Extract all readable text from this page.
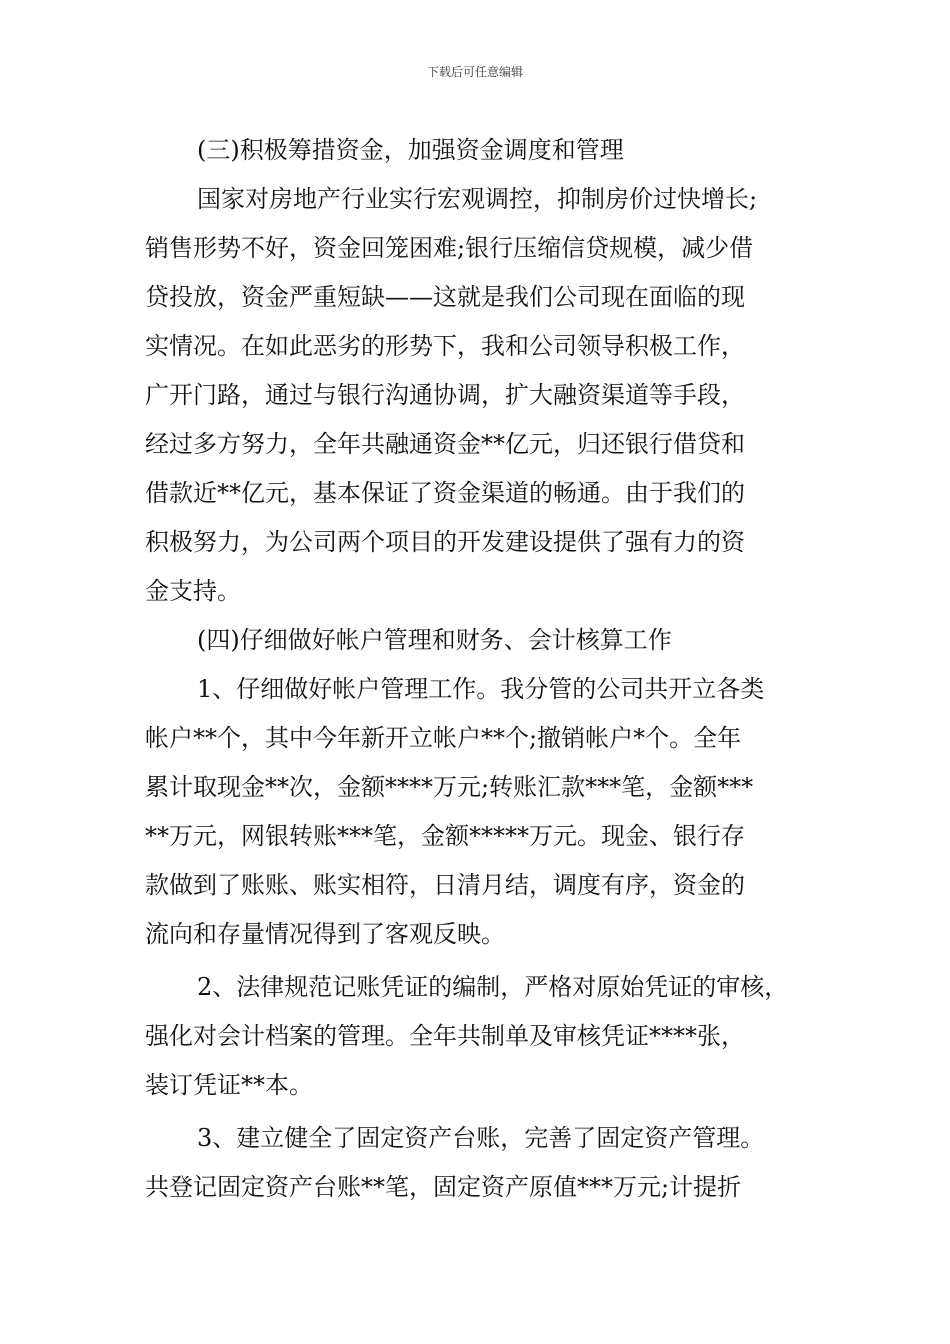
下载后可任意编辑
(三)积极筹措资金，加强资金调度和管理
国家对房地产行业实行宏观调控，抑制房价过快增长;
销售形势不好，资金回笼困难;银行压缩信贷规模，减少借
贷投放，资金严重短缺——这就是我们公司现在面临的现
实情况。在如此恶劣的形势下，我和公司领导积极工作，
广开门路，通过与银行沟通协调，扩大融资渠道等手段，
经过多方努力，全年共融通资金**亿元，归还银行借贷和
借款近**亿元，基本保证了资金渠道的畅通。由于我们的
积极努力，为公司两个项目的开发建设提供了强有力的资
金支持。
(四)仔细做好帐户管理和财务、会计核算工作
1、仔细做好帐户管理工作。我分管的公司共开立各类
帐户**个，其中今年新开立帐户**个;撤销帐户*个。全年
累计取现金**次，金额****万元;转账汇款***笔，金额***
**万元，网银转账***笔，金额*****万元。现金、银行存
款做到了账账、账实相符，日清月结，调度有序，资金的
流向和存量情况得到了客观反映。
2、法律规范记账凭证的编制，严格对原始凭证的审核，
强化对会计档案的管理。全年共制单及审核凭证****张，
装订凭证**本。
3、建立健全了固定资产台账，完善了固定资产管理。
共登记固定资产台账**笔，固定资产原值***万元;计提折
